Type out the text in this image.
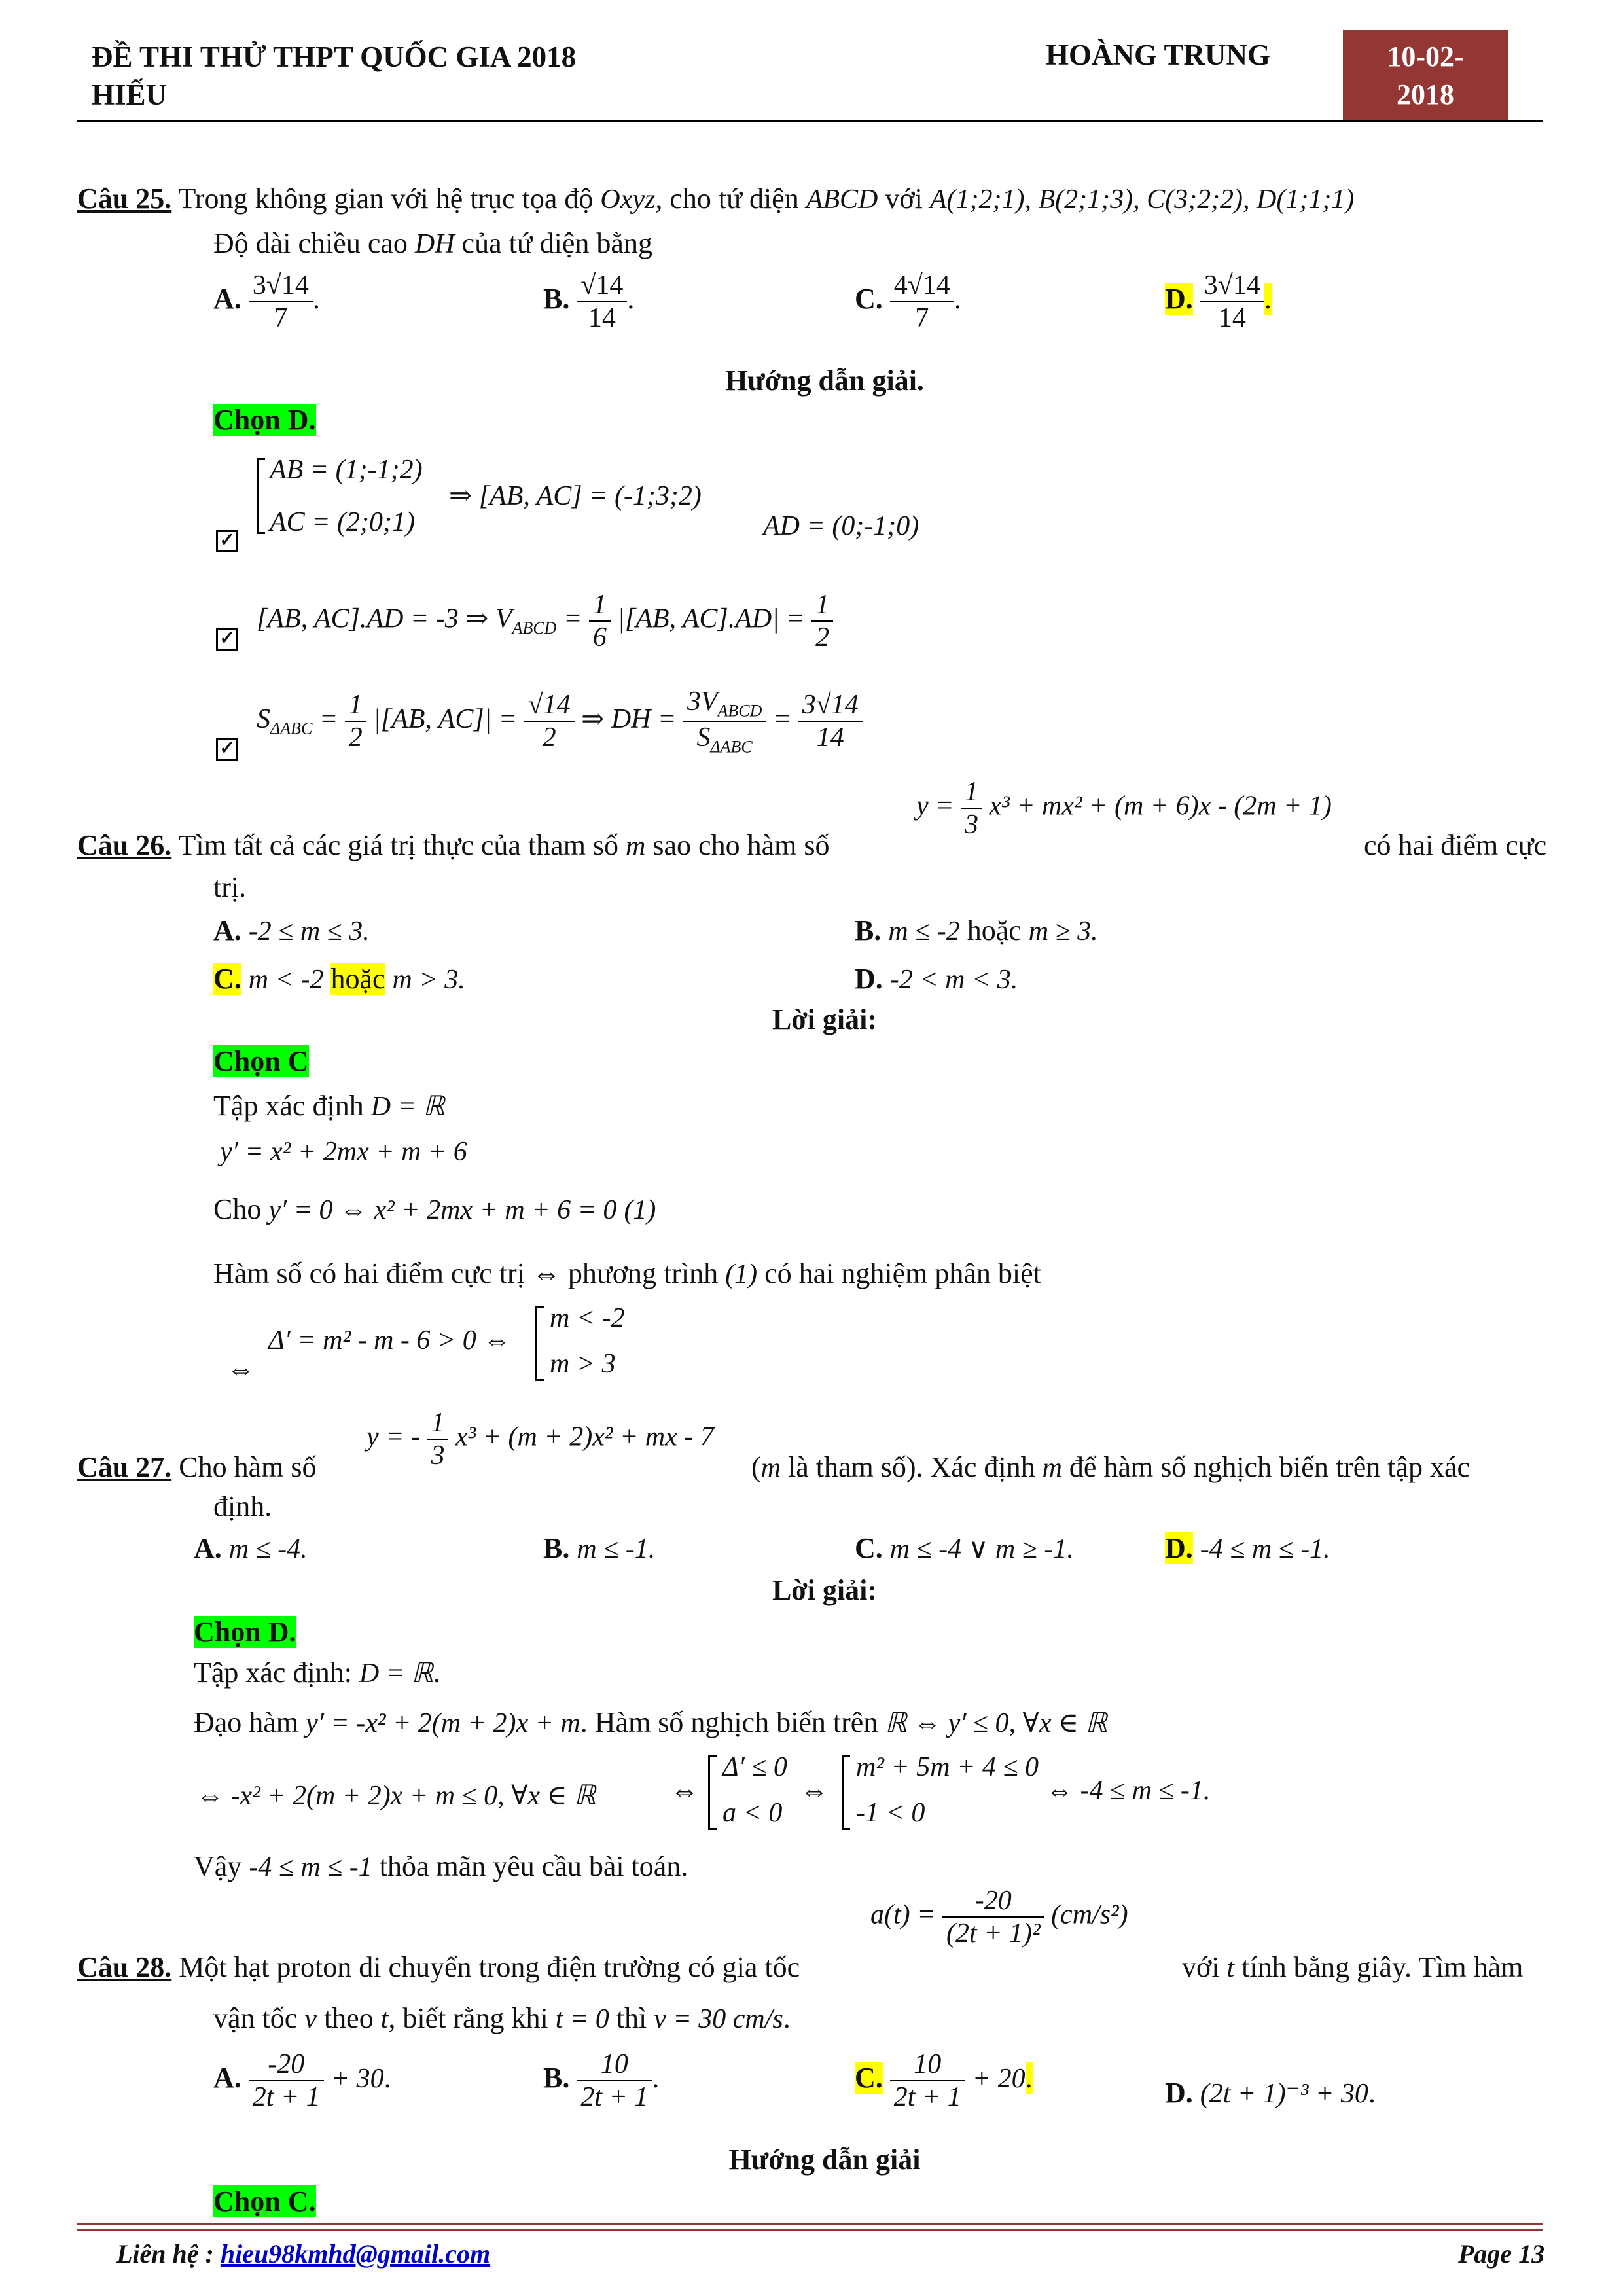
ĐỀ THI THỬ THPT QUỐC GIA 2018
HIẾU
HOÀNG TRUNG	10-02-
2018
Câu 25. Trong không gian với hệ trục tọa độ Oxyz, cho tứ diện ABCD với A(1;2;1), B(2;1;3), C(3;2;2), D(1;1;1)
Độ dài chiều cao DH của tứ diện bằng
A. $\frac{3√14}{7}$ .	B. $\frac{√14}{14}$ .	C. $\frac{4√14}{7}$ .	D. $\frac{3√14}{14}$ .
Hướng dẫn giải.
Chọn D.
AB = (1;-1;2)
AC = (2;0;1)
⇒ [AB, AC] = (-1;3;2)
AD = (0;-1;0)
✓
[AB, AC].AD = -3 ⇒ $V_{ABCD} = \frac{1}{6} |[AB$, $AC].AD| = \frac{1}{2}$
✓
$S_{\Delta ABC} = \frac{1}{2} |[AB$, $AC]| = \frac{√14}{2}$ ⇒ DH = $\frac{3V_{ABCD}}{S_{\Delta ABC}} = \frac{3√14}{14}$
✓
$y = \frac{1}{3} x^3 + mx^2 + (m + 6)x - (2m + 1)$
Câu 26. Tìm tất cả các giá trị thực của tham số m sao cho hàm số	có hai điểm cực
trị.
A. -2 ≤ m ≤ 3.	B. m ≤ -2 hoặc m ≥ 3.
C. m < -2 hoặc m > 3.	D. -2 < m < 3.
Lời giải:
Chọn C
Tập xác định D = ℝ
y′ = x² + 2mx + m + 6
Cho y′ = 0 ⇔ x² + 2mx + m + 6 = 0 (1)
Hàm số có hai điểm cực trị ⇔ phương trình (1) có hai nghiệm phân biệt
⇔
Δ′ = m² - m - 6 > 0 ⇔
m < -2
m > 3
y = - $\frac{1}{3} x^3 + (m + 2)x^2$ + mx - 7
Câu 27. Cho hàm số	(m là tham số). Xác định m để hàm số nghịch biến trên tập xác
định.
A. m ≤ -4.	B. m ≤ -1.	C. m ≤ -4 ∨ m ≥ -1.	D. -4 ≤ m ≤ -1.
Lời giải:
Chọn D.
Tập xác định: D = ℝ.
Đạo hàm y′ = -x² + 2(m + 2)x + m. Hàm số nghịch biến trên ℝ ⇔ y′ ≤ 0, ∀x ∈ ℝ
⇔ -x² + 2(m + 2)x + m ≤ 0, ∀x ∈ ℝ	⇔
Δ′ ≤ 0
a < 0
⇔
m² + 5m + 4 ≤ 0
-1 < 0
⇔ -4 ≤ m ≤ -1.
Vậy -4 ≤ m ≤ -1 thỏa mãn yêu cầu bài toán.
$a(t) = \frac{-20}{\text{(2t + 1)²}} (cm/s^2)$
Câu 28. Một hạt proton di chuyển trong điện trường có gia tốc	với t tính bằng giây. Tìm hàm
vận tốc v theo t, biết rằng khi t = 0 thì v = 30 cm/s.
A. $\frac{-20}{2t + 1} + 30$.	B. $\frac{10}{2t + 1}$ .	C. $\frac{10}{2t + 1} + 20$.	D. (2t + 1)⁻³ + 30.
Hướng dẫn giải
Chọn C.
Liên hệ : hieu98kmhd@gmail.com	Page 13
